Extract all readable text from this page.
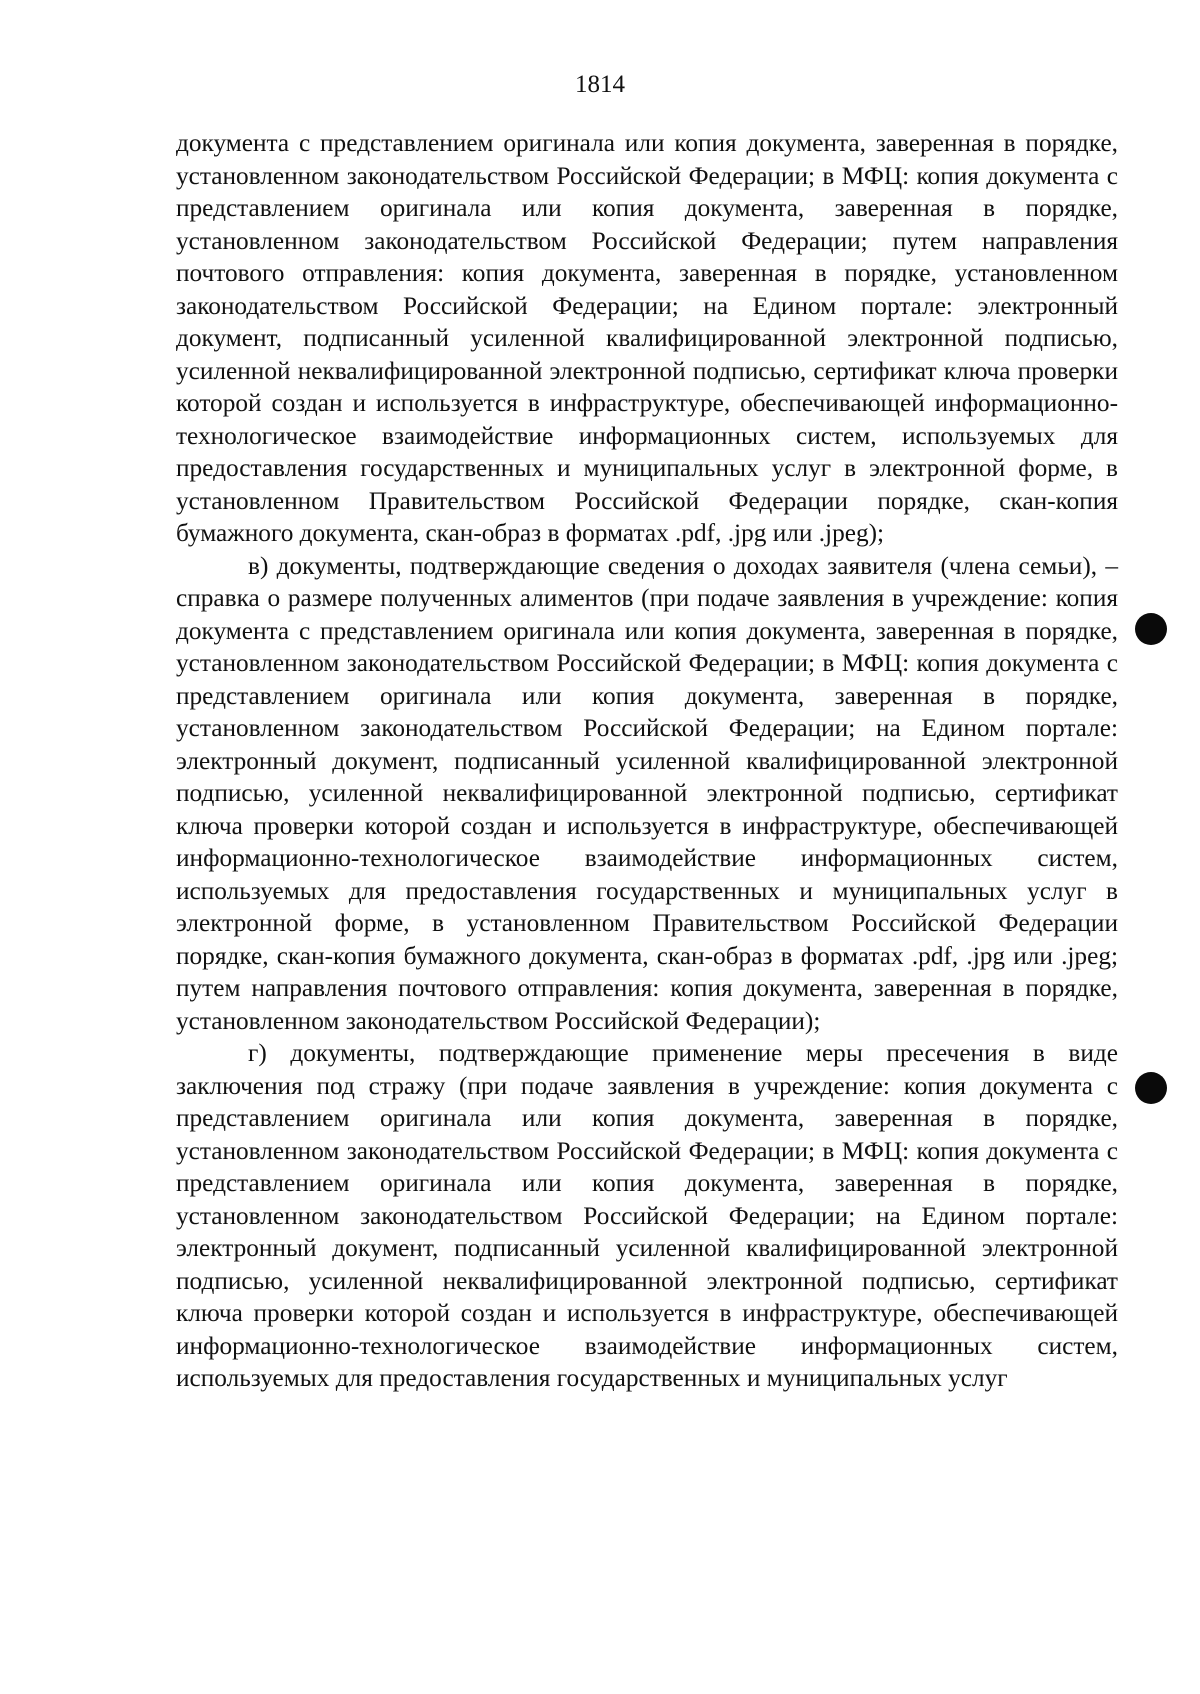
1814

документа с представлением оригинала или копия документа, заверенная в порядке, установленном законодательством Российской Федерации; в МФЦ: копия документа с представлением оригинала или копия документа, заверенная в порядке, установленном законодательством Российской Федерации; путем направления почтового отправления: копия документа, заверенная в порядке, установленном законодательством Российской Федерации; на Едином портале: электронный документ, подписанный усиленной квалифицированной электронной подписью, усиленной неквалифицированной электронной подписью, сертификат ключа проверки которой создан и используется в инфраструктуре, обеспечивающей информационно-технологическое взаимодействие информационных систем, используемых для предоставления государственных и муниципальных услуг в электронной форме, в установленном Правительством Российской Федерации порядке, скан-копия бумажного документа, скан-образ в форматах .pdf, .jpg или .jpeg);

в) документы, подтверждающие сведения о доходах заявителя (члена семьи), – справка о размере полученных алиментов (при подаче заявления в учреждение: копия документа с представлением оригинала или копия документа, заверенная в порядке, установленном законодательством Российской Федерации; в МФЦ: копия документа с представлением оригинала или копия документа, заверенная в порядке, установленном законодательством Российской Федерации; на Едином портале: электронный документ, подписанный усиленной квалифицированной электронной подписью, усиленной неквалифицированной электронной подписью, сертификат ключа проверки которой создан и используется в инфраструктуре, обеспечивающей информационно-технологическое взаимодействие информационных систем, используемых для предоставления государственных и муниципальных услуг в электронной форме, в установленном Правительством Российской Федерации порядке, скан-копия бумажного документа, скан-образ в форматах .pdf, .jpg или .jpeg; путем направления почтового отправления: копия документа, заверенная в порядке, установленном законодательством Российской Федерации);

г) документы, подтверждающие применение меры пресечения в виде заключения под стражу (при подаче заявления в учреждение: копия документа с представлением оригинала или копия документа, заверенная в порядке, установленном законодательством Российской Федерации; в МФЦ: копия документа с представлением оригинала или копия документа, заверенная в порядке, установленном законодательством Российской Федерации; на Едином портале: электронный документ, подписанный усиленной квалифицированной электронной подписью, усиленной неквалифицированной электронной подписью, сертификат ключа проверки которой создан и используется в инфраструктуре, обеспечивающей информационно-технологическое взаимодействие информационных систем, используемых для предоставления государственных и муниципальных услуг
